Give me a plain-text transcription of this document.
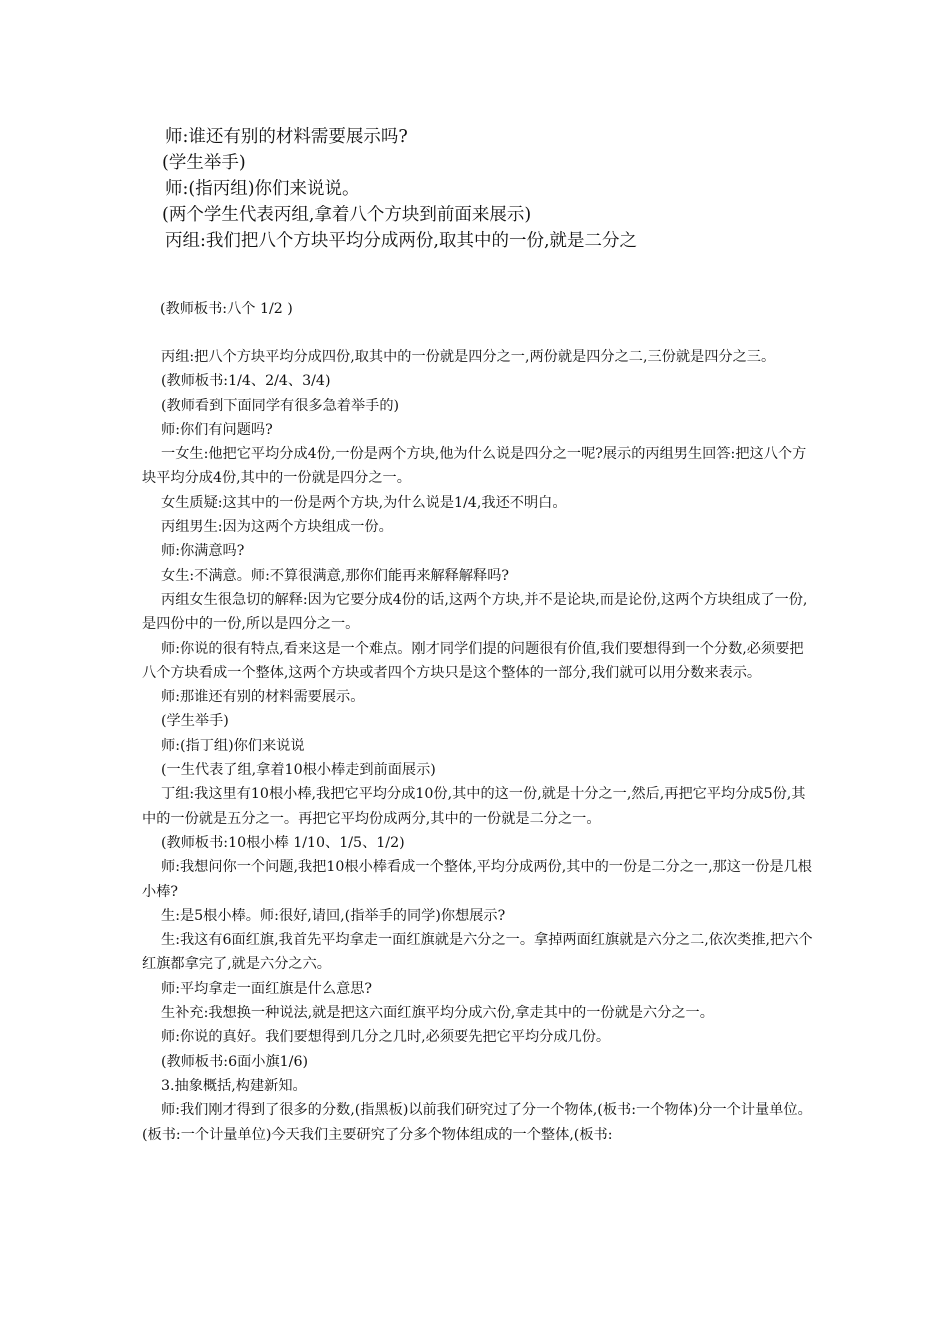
师:谁还有别的材料需要展示吗?

(学生举手)

师:(指丙组)你们来说说。

(两个学生代表丙组,拿着八个方块到前面来展示)

丙组:我们把八个方块平均分成两份,取其中的一份,就是二分之

(教师板书:八个 1/2 )

丙组:把八个方块平均分成四份,取其中的一份就是四分之一,两份就是四分之二,三份就是四分之三。

(教师板书:1/4、2/4、3/4)

(教师看到下面同学有很多急着举手的)

师:你们有问题吗?

一女生:他把它平均分成4份,一份是两个方块,他为什么说是四分之一呢?展示的丙组男生回答:把这八个方块平均分成4份,其中的一份就是四分之一。

女生质疑:这其中的一份是两个方块,为什么说是1/4,我还不明白。

丙组男生:因为这两个方块组成一份。

师:你满意吗?

女生:不满意。师:不算很满意,那你们能再来解释解释吗?

丙组女生很急切的解释:因为它要分成4份的话,这两个方块,并不是论块,而是论份,这两个方块组成了一份,是四份中的一份,所以是四分之一。

师:你说的很有特点,看来这是一个难点。刚才同学们提的问题很有价值,我们要想得到一个分数,必须要把八个方块看成一个整体,这两个方块或者四个方块只是这个整体的一部分,我们就可以用分数来表示。

师:那谁还有别的材料需要展示。

(学生举手)

师:(指丁组)你们来说说

(一生代表了组,拿着10根小棒走到前面展示)

丁组:我这里有10根小棒,我把它平均分成10份,其中的这一份,就是十分之一,然后,再把它平均分成5份,其中的一份就是五分之一。再把它平均份成两分,其中的一份就是二分之一。

(教师板书:10根小棒 1/10、1/5、1/2)

师:我想问你一个问题,我把10根小棒看成一个整体,平均分成两份,其中的一份是二分之一,那这一份是几根小棒?

生:是5根小棒。师:很好,请回,(指举手的同学)你想展示?

生:我这有6面红旗,我首先平均拿走一面红旗就是六分之一。拿掉两面红旗就是六分之二,依次类推,把六个红旗都拿完了,就是六分之六。

师:平均拿走一面红旗是什么意思?

生补充:我想换一种说法,就是把这六面红旗平均分成六份,拿走其中的一份就是六分之一。

师:你说的真好。我们要想得到几分之几时,必须要先把它平均分成几份。

(教师板书:6面小旗1/6)

3.抽象概括,构建新知。

师:我们刚才得到了很多的分数,(指黑板)以前我们研究过了分一个物体,(板书:一个物体)分一个计量单位。(板书:一个计量单位)今天我们主要研究了分多个物体组成的一个整体,(板书:
